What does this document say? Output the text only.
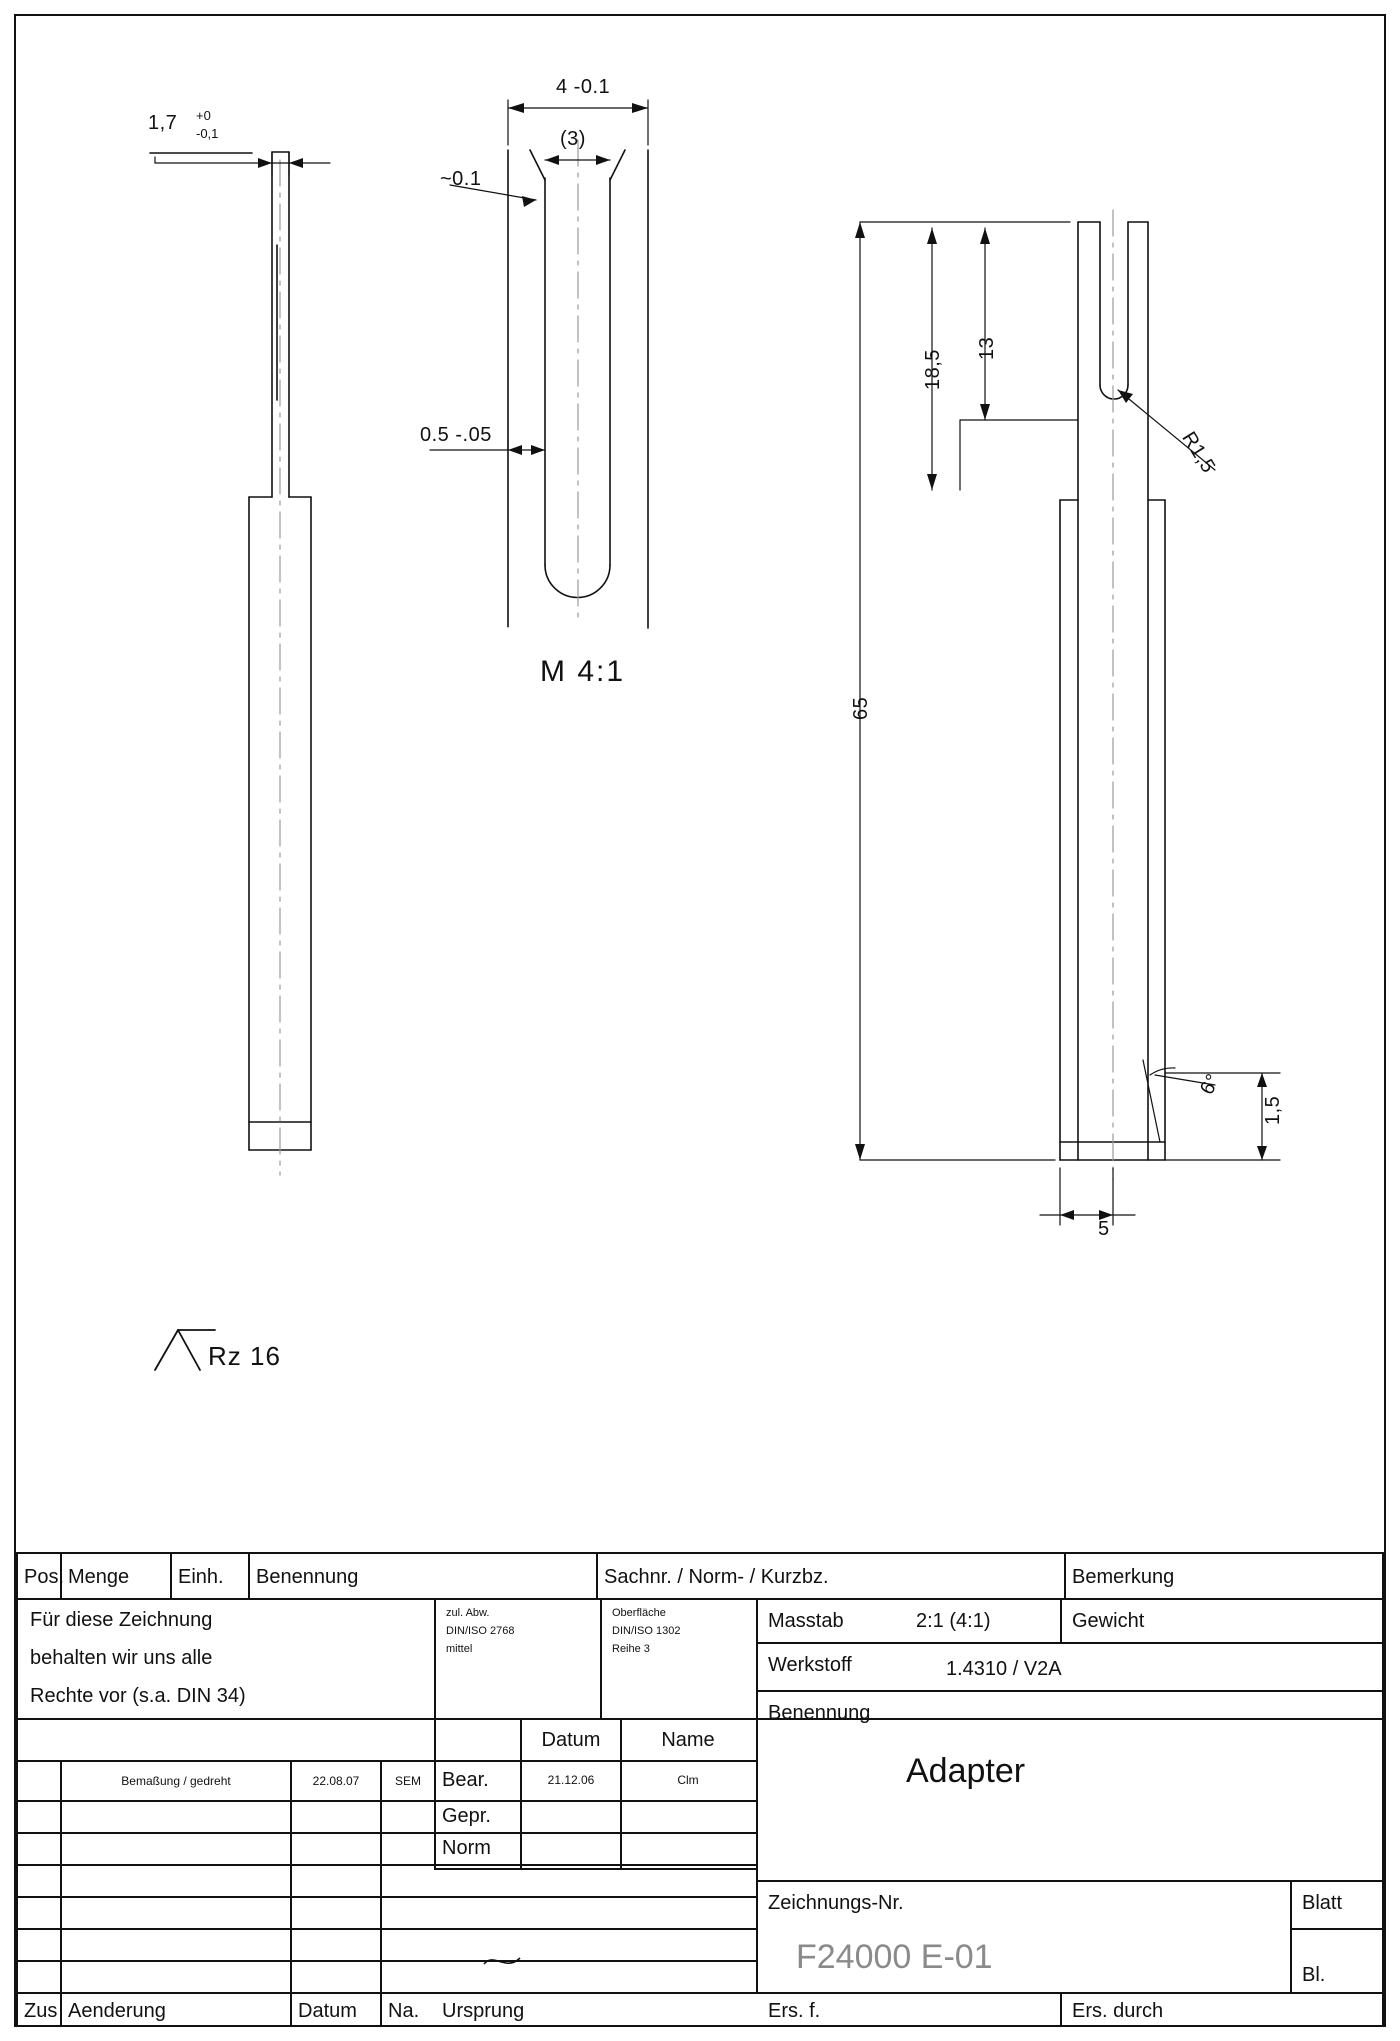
1,7 +0
-0,1
4 -0.1
(3)
~0.1
0.5 -.05
M 4:1
18,5
13
65
R1,5
5
1,5
6°
Rz 16
Pos. Menge	Einh.	Benennung	Sachnr. / Norm- / Kurzbz.	Bemerkung
Für diese Zeichnung
behalten wir uns alle
Rechte vor (s.a. DIN 34)
zul. Abw.
DIN/ISO 2768
mittel
Oberfläche
DIN/ISO 1302
Reihe 3
Masstab	2:1 (4:1)	Gewicht
Werkstoff	1.4310 / V2A
Benennung
Adapter
Datum	Name
Bemaßung / gedreht	22.08.07	SEM	Bear.	21.12.06	Clm
Gepr.
Norm
Zeichnungs-Nr.
F24000 E-01
Blatt
Bl.
Zus Aenderung	Datum	Na.	Ursprung	Ers. f.	Ers. durch
